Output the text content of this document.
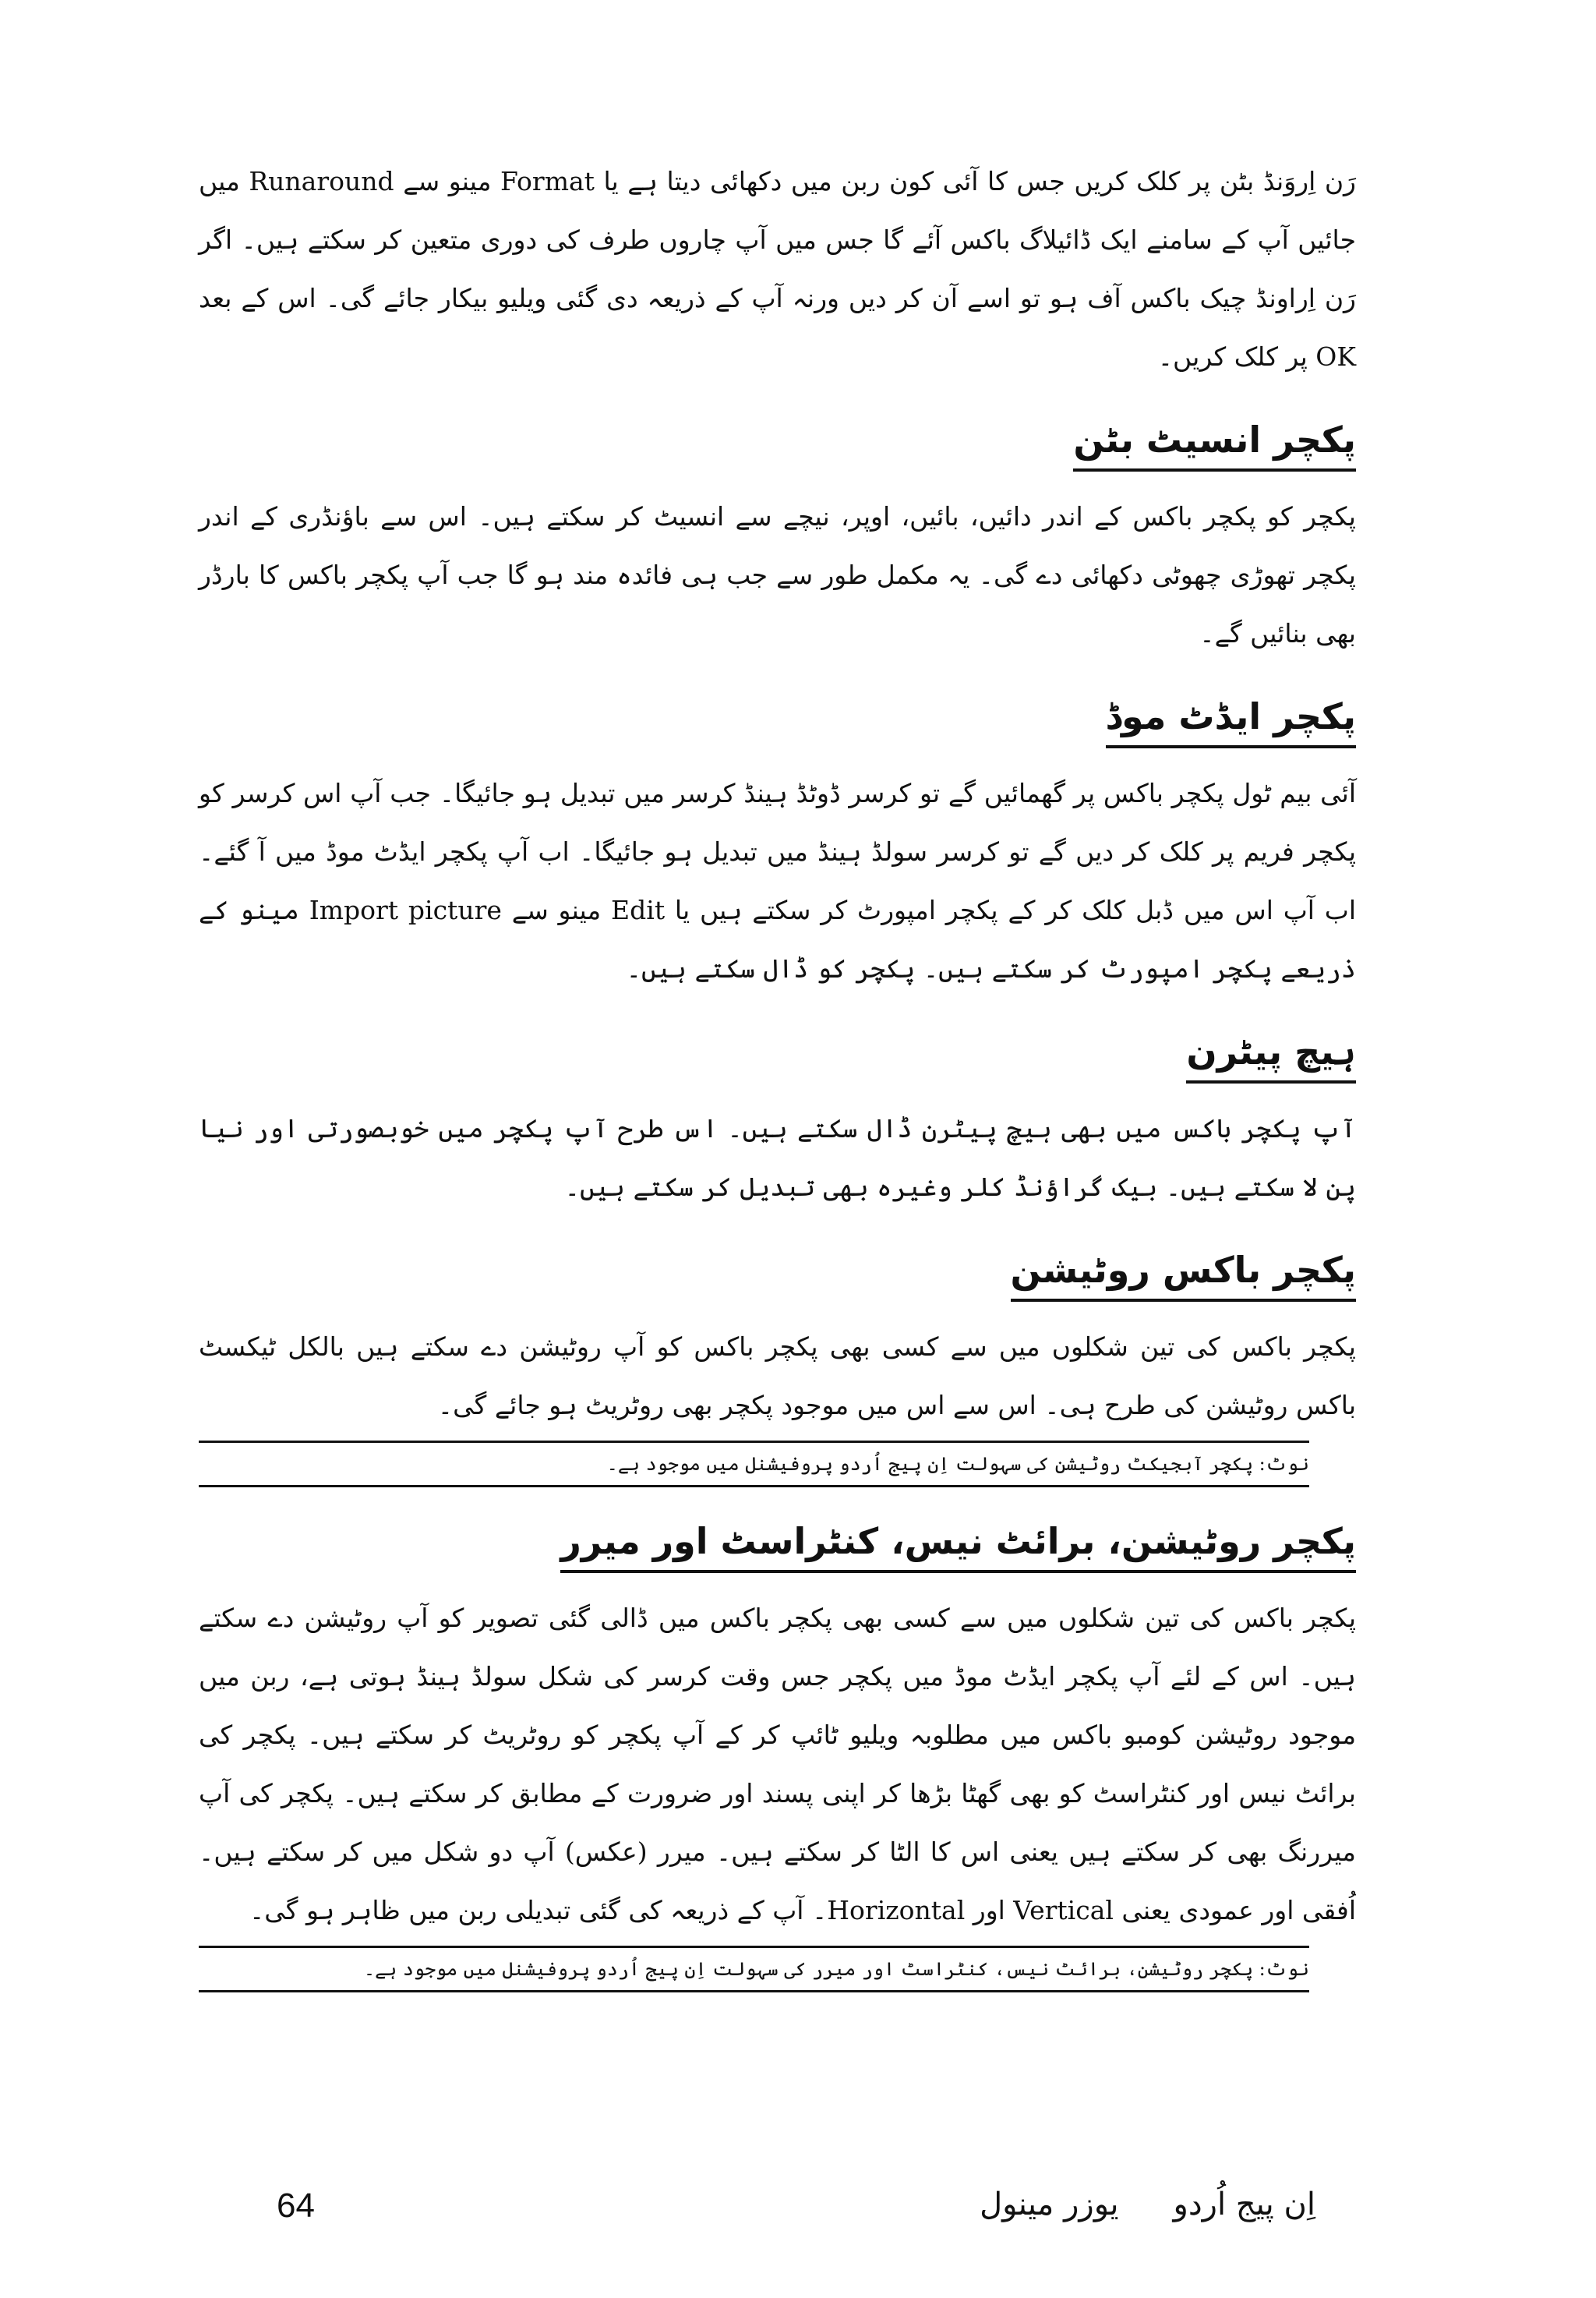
رَن اِروَنڈ بٹن پر کلک کریں جس کا آئی کون ربن میں دکھائی دیتا ہے یا Format مینو سے Runaround میں جائیں آپ کے سامنے ایک ڈائیلاگ باکس آئے گا جس میں آپ چاروں طرف کی دوری متعین کر سکتے ہیں۔ اگر رَن اِراونڈ چیک باکس آف ہو تو اسے آن کر دیں ورنہ آپ کے ذریعہ دی گئی ویلیو بیکار جائے گی۔ اس کے بعد OK پر کلک کریں۔

پکچر انسیٹ بٹن

پکچر کو پکچر باکس کے اندر دائیں، بائیں، اوپر، نیچے سے انسیٹ کر سکتے ہیں۔ اس سے باؤنڈری کے اندر پکچر تھوڑی چھوٹی دکھائی دے گی۔ یہ مکمل طور سے جب ہی فائدہ مند ہو گا جب آپ پکچر باکس کا بارڈر بھی بنائیں گے۔

پکچر ایڈٹ موڈ

آئی بیم ٹول پکچر باکس پر گھمائیں گے تو کرسر ڈوٹڈ ہینڈ کرسر میں تبدیل ہو جائیگا۔ جب آپ اس کرسر کو پکچر فریم پر کلک کر دیں گے تو کرسر سولڈ ہینڈ میں تبدیل ہو جائیگا۔ اب آپ پکچر ایڈٹ موڈ میں آ گئے۔ اب آپ اس میں ڈبل کلک کر کے پکچر امپورٹ کر سکتے ہیں یا Edit مینو سے Import picture مینو کے ذریعے پکچر امپورٹ کر سکتے ہیں۔ پکچر کو ڈال سکتے ہیں۔

ہیچ پیٹرن

آپ پکچر باکس میں بھی ہیچ پیٹرن ڈال سکتے ہیں۔ اس طرح آپ پکچر میں خوبصورتی اور نیا پن لا سکتے ہیں۔ بیک گراؤنڈ کلر وغیرہ بھی تبدیل کر سکتے ہیں۔

پکچر باکس روٹیشن

پکچر باکس کی تین شکلوں میں سے کسی بھی پکچر باکس کو آپ روٹیشن دے سکتے ہیں بالکل ٹیکسٹ باکس روٹیشن کی طرح ہی۔ اس سے اس میں موجود پکچر بھی روٹریٹ ہو جائے گی۔

نوٹ: پکچر آبجیکٹ روٹیشن کی سہولت اِن پیج اُردو پروفیشنل میں موجود ہے۔
پکچر روٹیشن، برائٹ نیس، کنٹراسٹ اور میرر

پکچر باکس کی تین شکلوں میں سے کسی بھی پکچر باکس میں ڈالی گئی تصویر کو آپ روٹیشن دے سکتے ہیں۔ اس کے لئے آپ پکچر ایڈٹ موڈ میں پکچر جس وقت کرسر کی شکل سولڈ ہینڈ ہوتی ہے، ربن میں موجود روٹیشن کومبو باکس میں مطلوبہ ویلیو ٹائپ کر کے آپ پکچر کو روٹریٹ کر سکتے ہیں۔ پکچر کی برائٹ نیس اور کنٹراسٹ کو بھی گھٹا بڑھا کر اپنی پسند اور ضرورت کے مطابق کر سکتے ہیں۔ پکچر کی آپ میررنگ بھی کر سکتے ہیں یعنی اس کا الٹا کر سکتے ہیں۔ میرر (عکس) آپ دو شکل میں کر سکتے ہیں۔ اُفقی اور عمودی یعنی Vertical اور Horizontal۔ آپ کے ذریعہ کی گئی تبدیلی ربن میں ظاہر ہو گی۔

نوٹ: پکچر روٹیشن، برائٹ نیس، کنٹراسٹ اور میرر کی سہولت اِن پیج اُردو پروفیشنل میں موجود ہے۔
64	اِن پیج اُردویوزر مینول
